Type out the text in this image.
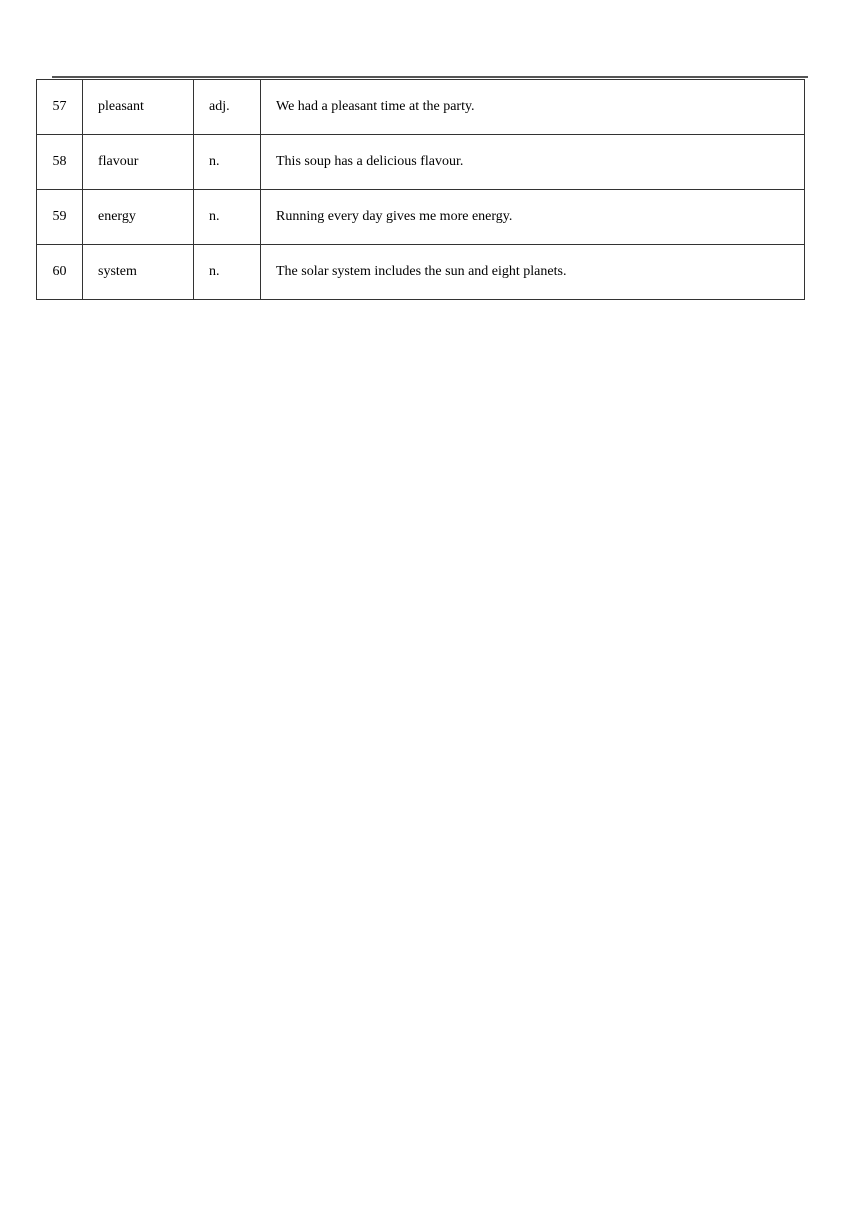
57	pleasant	adj.	We had a pleasant time at the party.
58	flavour	n.	This soup has a delicious flavour.
59	energy	n.	Running every day gives me more energy.
60	system	n.	The solar system includes the sun and eight planets.
